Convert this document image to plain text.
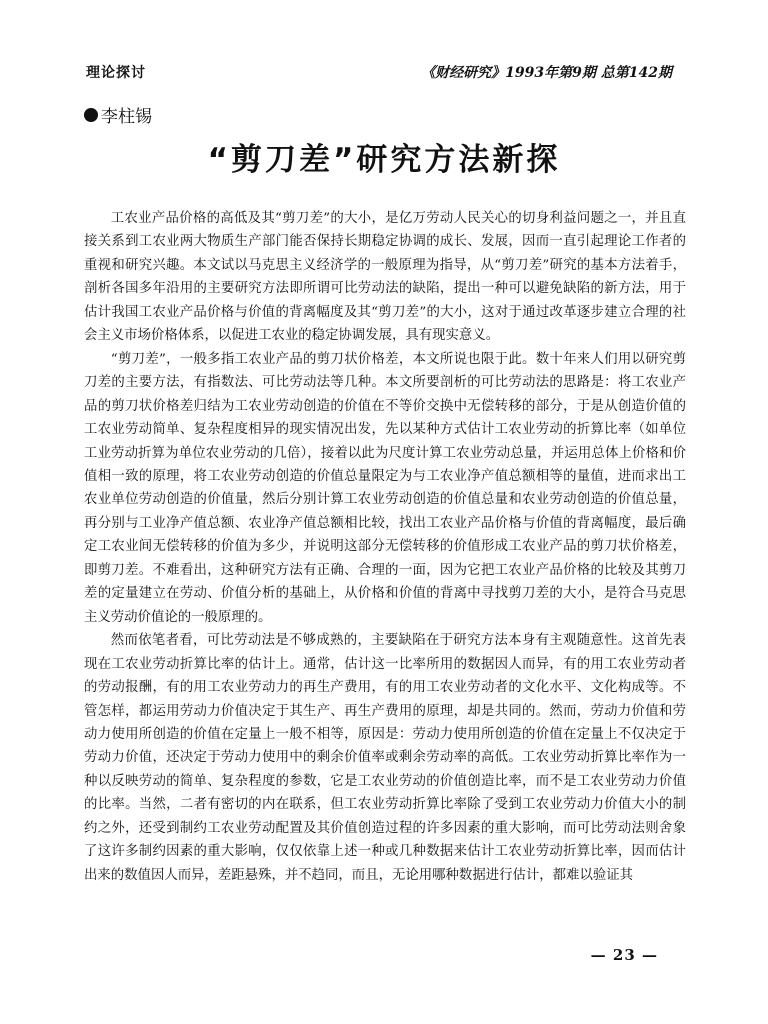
理论探讨	《财经研究》1993年第9期 总第142期
李柱锡
“剪刀差”研究方法新探

工农业产品价格的高低及其“剪刀差”的大小，是亿万劳动人民关心的切身利益问题之一，并且直接关系到工农业两大物质生产部门能否保持长期稳定协调的成长、发展，因而一直引起理论工作者的重视和研究兴趣。本文试以马克思主义经济学的一般原理为指导，从“剪刀差”研究的基本方法着手，剖析各国多年沿用的主要研究方法即所谓可比劳动法的缺陷，提出一种可以避免缺陷的新方法，用于估计我国工农业产品价格与价值的背离幅度及其“剪刀差”的大小，这对于通过改革逐步建立合理的社会主义市场价格体系，以促进工农业的稳定协调发展，具有现实意义。

“剪刀差”，一般多指工农业产品的剪刀状价格差，本文所说也限于此。数十年来人们用以研究剪刀差的主要方法，有指数法、可比劳动法等几种。本文所要剖析的可比劳动法的思路是：将工农业产品的剪刀状价格差归结为工农业劳动创造的价值在不等价交换中无偿转移的部分，于是从创造价值的工农业劳动简单、复杂程度相异的现实情况出发，先以某种方式估计工农业劳动的折算比率（如单位工业劳动折算为单位农业劳动的几倍），接着以此为尺度计算工农业劳动总量，并运用总体上价格和价值相一致的原理，将工农业劳动创造的价值总量限定为与工农业净产值总额相等的量值，进而求出工农业单位劳动创造的价值量，然后分别计算工农业劳动创造的价值总量和农业劳动创造的价值总量，再分别与工业净产值总额、农业净产值总额相比较，找出工农业产品价格与价值的背离幅度，最后确定工农业间无偿转移的价值为多少，并说明这部分无偿转移的价值形成工农业产品的剪刀状价格差，即剪刀差。不难看出，这种研究方法有正确、合理的一面，因为它把工农业产品价格的比较及其剪刀差的定量建立在劳动、价值分析的基础上，从价格和价值的背离中寻找剪刀差的大小，是符合马克思主义劳动价值论的一般原理的。

然而依笔者看，可比劳动法是不够成熟的，主要缺陷在于研究方法本身有主观随意性。这首先表现在工农业劳动折算比率的估计上。通常，估计这一比率所用的数据因人而异，有的用工农业劳动者的劳动报酬，有的用工农业劳动力的再生产费用，有的用工农业劳动者的文化水平、文化构成等。不管怎样，都运用劳动力价值决定于其生产、再生产费用的原理，却是共同的。然而，劳动力价值和劳动力使用所创造的价值在定量上一般不相等，原因是：劳动力使用所创造的价值在定量上不仅决定于劳动力价值，还决定于劳动力使用中的剩余价值率或剩余劳动率的高低。工农业劳动折算比率作为一种以反映劳动的简单、复杂程度的参数，它是工农业劳动的价值创造比率，而不是工农业劳动力价值的比率。当然，二者有密切的内在联系，但工农业劳动折算比率除了受到工农业劳动力价值大小的制约之外，还受到制约工农业劳动配置及其价值创造过程的许多因素的重大影响，而可比劳动法则舍象了这许多制约因素的重大影响，仅仅依靠上述一种或几种数据来估计工农业劳动折算比率，因而估计出来的数值因人而异，差距悬殊，并不趋同，而且，无论用哪种数据进行估计，都难以验证其

— 23 —
